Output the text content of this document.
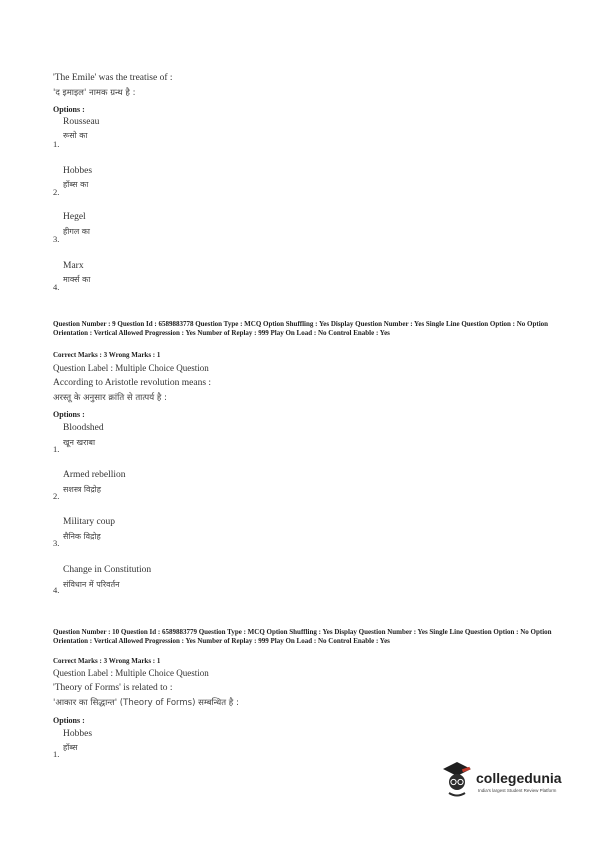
'The Emile' was the treatise of :
'द इमाइल' नामक ग्रन्थ है :
Options :
Rousseau
रूसो का
1.
Hobbes
हॉब्स का
2.
Hegel
हीगल का
3.
Marx
मार्क्स का
4.
Question Number : 9 Question Id : 6589883778 Question Type : MCQ Option Shuffling : Yes Display Question Number : Yes Single Line Question Option : No Option Orientation : Vertical Allowed Progression : Yes Number of Replay : 999 Play On Load : No Control Enable : Yes
Correct Marks : 3 Wrong Marks : 1
Question Label : Multiple Choice Question
According to Aristotle revolution means :
अरस्तू के अनुसार क्रांति से तात्पर्य है :
Options :
Bloodshed
खून खराबा
1.
Armed rebellion
सशस्त्र विद्रोह
2.
Military coup
सैनिक विद्रोह
3.
Change in Constitution
संविधान में परिवर्तन
4.
Question Number : 10 Question Id : 6589883779 Question Type : MCQ Option Shuffling : Yes Display Question Number : Yes Single Line Question Option : No Option Orientation : Vertical Allowed Progression : Yes Number of Replay : 999 Play On Load : No Control Enable : Yes
Correct Marks : 3 Wrong Marks : 1
Question Label : Multiple Choice Question
'Theory of Forms' is related to :
'आकार का सिद्धान्त' (Theory of Forms) सम्बन्धित है :
Options :
Hobbes
हॉब्स
1.
collegedunia
India's largest Student Review Platform
